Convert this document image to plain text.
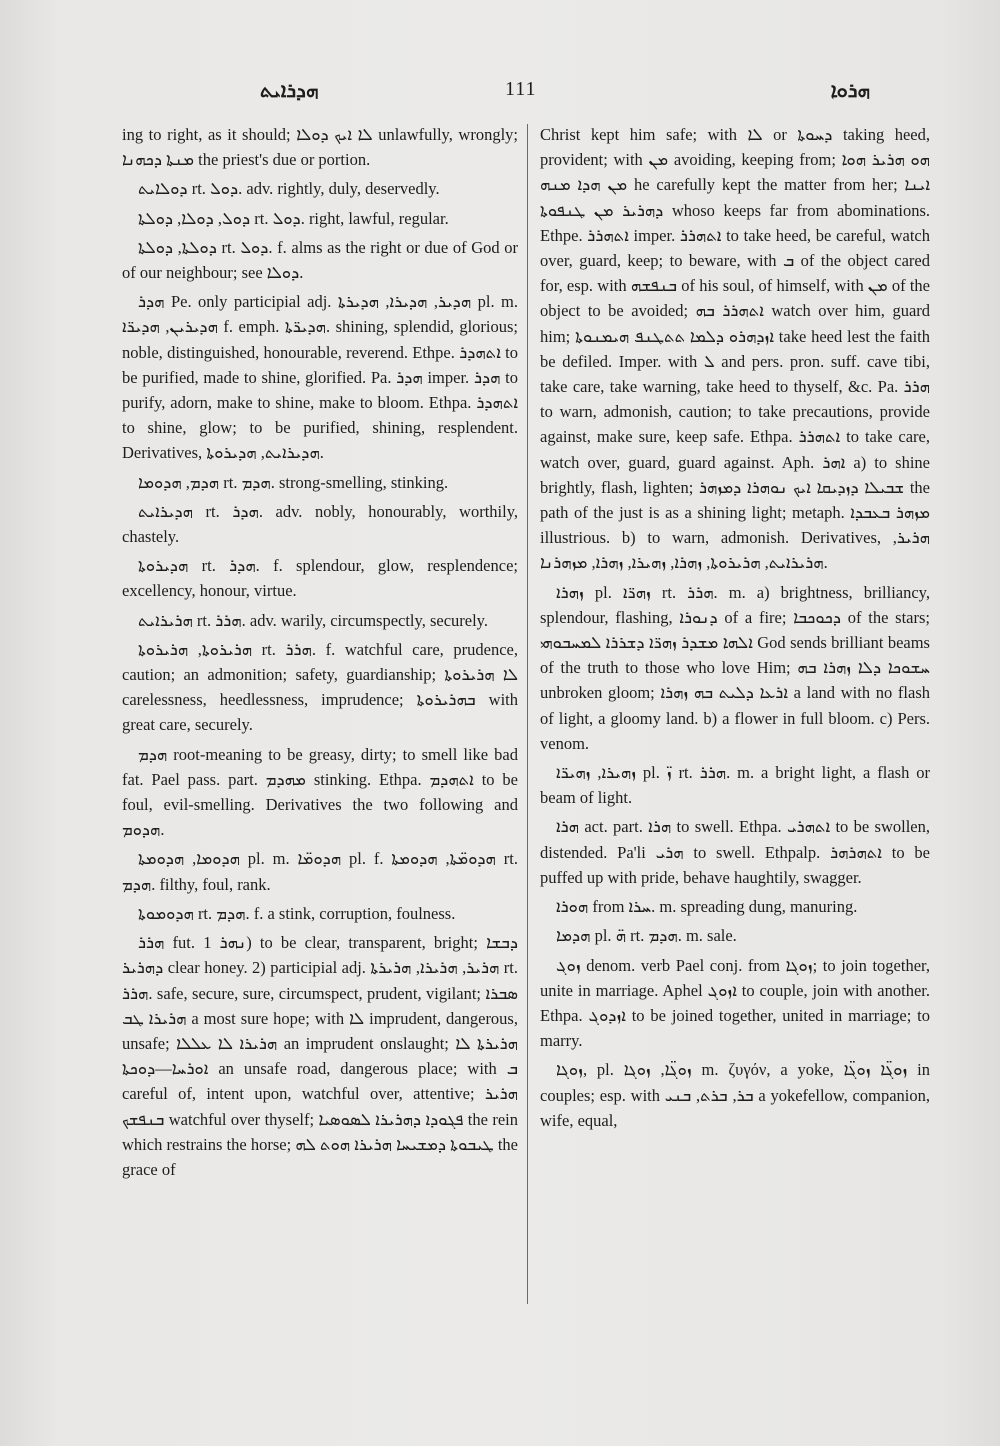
ܗܕܪܐܝܬ	111	ܗܪܘܐ

ing to right, as it should; ܠܐ ܐܝܟ ܕܘܠܐ unlawfully, wrongly; ܡܢܬܐ ܕܟܗܢܐ the priest's due or portion.

ܕܘܠܐܝܬ rt. ܕܘܠ. adv. rightly, duly, deservedly.

ܕܘܠ, ܕܘܠܐ, ܕܘܠܬܐ rt. ܕܘܠ. right, lawful, regular.

ܕܘܠܬܐ, ܕܘܠܬܐ rt. ܕܘܠ. f. alms as the right or due of God or of our neighbour; see ܕܘܠܐ.

ܗܕܪ Pe. only participial adj. ܗܕܝܪ, ܗܕܝܪܐ, ܗܕܝܪܬܐ pl. m. ܗܕܝܪܝܢ, ܗܕܝܪ̈ܐ f. emph. ܗܕܝܪ̈ܬܐ. shining, splendid, glorious; noble, distinguished, honourable, reverend. Ethpe. ܐܬܗܕܪ to be purified, made to shine, glorified. Pa. ܗܕܪ imper. ܗܕܪ to purify, adorn, make to shine, make to bloom. Ethpa. ܐܬܗܕܪ to shine, glow; to be purified, shining, resplendent. Derivatives, ܗܕܝܪܐܝܬ, ܗܕܝܪܘܬܐ.

ܗܕܡ, ܗܕܘܡܐ rt. ܗܕܡ. strong-smelling, stinking.

ܗܕܝܪܐܝܬ rt. ܗܕܪ. adv. nobly, honourably, worthily, chastely.

ܗܕܝܪܘܬܐ rt. ܗܕܪ. f. splendour, glow, resplendence; excellency, honour, virtue.

ܗܪܝܪܐܝܬ rt. ܗܪܪ. adv. warily, circumspectly, securely.

ܗܪܝܪܘܬܐ, ܗܪܝܪܘܬܐ rt. ܗܪܪ. f. watchful care, prudence, caution; an admonition; safety, guardianship; ܠܐ ܗܪܝܪܘܬܐ carelessness, heedlessness, imprudence; ܒܗܪܝܪܘܬܐ with great care, securely.

ܗܕܡ root-meaning to be greasy, dirty; to smell like bad fat. Pael pass. part. ܡܗܕܡ stinking. Ethpa. ܐܬܗܕܡ to be foul, evil-smelling. Derivatives the two following and ܗܕܘܡ.

ܗܕܘܡܐ, ܗܕܘܡܬܐ pl. m. ܗܕܘܡ̈ܐ pl. f. ܗܕܘܡ̈ܬܐ, ܗܕܘܡܬܐ rt. ܗܕܡ. filthy, foul, rank.

ܗܕܘܡܘܬܐ rt. ܗܕܡ. f. a stink, corruption, foulness.

ܗܪܪ fut. ܢܗܪ 1) to be clear, transparent, bright; ܕܒܫܐ ܕܗܪܝܪ clear honey. 2) participial adj. ܗܪܝܪ, ܗܪܝܪܐ, ܗܪܝܪܬܐ rt. ܗܪܪ. safe, secure, sure, circumspect, prudent, vigilant; ܣܒܪܐ ܗܪܝܪܐ ܛܒ a most sure hope; with ܠܐ imprudent, dangerous, unsafe; ܗܪܝܪܐ ܠܐ ܥܠܠܐ an imprudent onslaught; ܗܪܝܪܬܐ ܠܐ ܐܘܪܚܐ—ܕܘܟܬܐ an unsafe road, dangerous place; with ܒ careful of, intent upon, watchful over, attentive; ܗܪܝܪ ܒܢܦܫܟ watchful over thyself; ܦܓܘܕܐ ܕܗܪܝܪܐ ܠܣܘܣܝܐ the rein which restrains the horse; ܛܝܒܘܬܐ ܕܡܫܝܚܐ ܗܪܝܪܐ ܗܘܬ ܠܗ the grace of

Christ kept him safe; with ܠܐ or ܕܚܘܬܐ taking heed, provident; with ܡܢ avoiding, keeping from; ܗܘ ܗܪܝܪ ܗܘܐ ܡܢ ܗܕܐ ܡܢܗ he carefully kept the matter from her; ܐܝܢܐ ܕܗܪܝܪ ܡܢ ܛܢܦܘܬܐ whoso keeps far from abominations. Ethpe. ܐܬܗܪܪ imper. ܐܬܗܪܪ to take heed, be careful, watch over, guard, keep; to beware, with ܒ of the object cared for, esp. with ܒܢܦܫܗ of his soul, of himself, with ܡܢ of the object to be avoided; ܐܬܗܪܪ ܒܗ watch over him, guard him; ܐܙܕܗܪܘ ܕܠܡܐ ܬܬܛܢܦ ܗܝܡܢܘܬܐ take heed lest the faith be defiled. Imper. with ܠ and pers. pron. suff. cave tibi, take care, take warning, take heed to thyself, &c. Pa. ܗܪܪ to warn, admonish, caution; to take precautions, provide against, make sure, keep safe. Ethpa. ܐܬܗܪܪ to take care, watch over, guard, guard against. Aph. ܐܗܪ a) to shine brightly, flash, lighten; ܫܒܝܠܐ ܕܙܕܝܩܐ ܐܝܟ ܢܘܗܪܐ ܕܡܙܗܪ the path of the just is as a shining light; metaph. ܡܙܗܪ ܒܥܒܕܐ illustrious. b) to warn, admonish. Derivatives, ܗܪܝܪ, ܗܪܝܪܐܝܬ, ܗܪܝܪܘܬܐ, ܙܗܪܐ, ܙܗܝܪܐ, ܙܗܪܐ, ܡܙܗܪܢܐ.

ܙܗܪܐ pl. ܙܗܪ̈ܐ rt. ܗܪܪ. m. a) brightness, brilliancy, splendour, flashing, ܕܢܘܪܐ of a fire; ܕܟܘܟܒܐ of the stars; ܐܠܗܐ ܡܫܕܪ ܙܗܪ̈ܐ ܕܫܪܪܐ ܠܡܚܒܘܗܝ God sends brilliant beams of the truth to those who love Him; ܚܫܘܟܐ ܕܠܐ ܙܗܪܐ ܒܗ unbroken gloom; ܐܪܥܐ ܕܠܝܬ ܒܗ ܙܗܪܐ a land with no flash of light, a gloomy land. b) a flower in full bloom. c) Pers. venom.

ܙܗܝܪܐ, ܙܗܝܪ̈ܐ pl. ܙ̈ rt. ܗܪܪ. m. a bright light, a flash or beam of light.

ܗܪܐ act. part. ܗܪܐ to swell. Ethpa. ܐܬܗܪܝ to be swollen, distended. Pa'li ܗܪܝ to swell. Ethpalp. ܐܬܗܪܗܪ to be puffed up with pride, behave haughtily, swagger.

ܗܘܪܐ from ܚܪܐ. m. spreading dung, manuring.

ܗܕܡܐ pl. ܗ̈ rt. ܗܕܡ. m. sale.

ܙܘܓ denom. verb Pael conj. from ܙܘܓܐ; to join together, unite in marriage. Aphel ܐܙܘܓ to couple, join with another. Ethpa. ܐܙܕܘܓ to be joined together, united in marriage; to marry.

ܙܘܓܐ, pl. ܙܘܓ̈ܐ, ܙܘܓܐ m. ζυγόν, a yoke, ܙܘܓ̈ܐ ܙܘܓ̈ܐ in couples; esp. with ܒܪ, ܒܪܬ, ܒܢܝ a yokefellow, companion, wife, equal,
